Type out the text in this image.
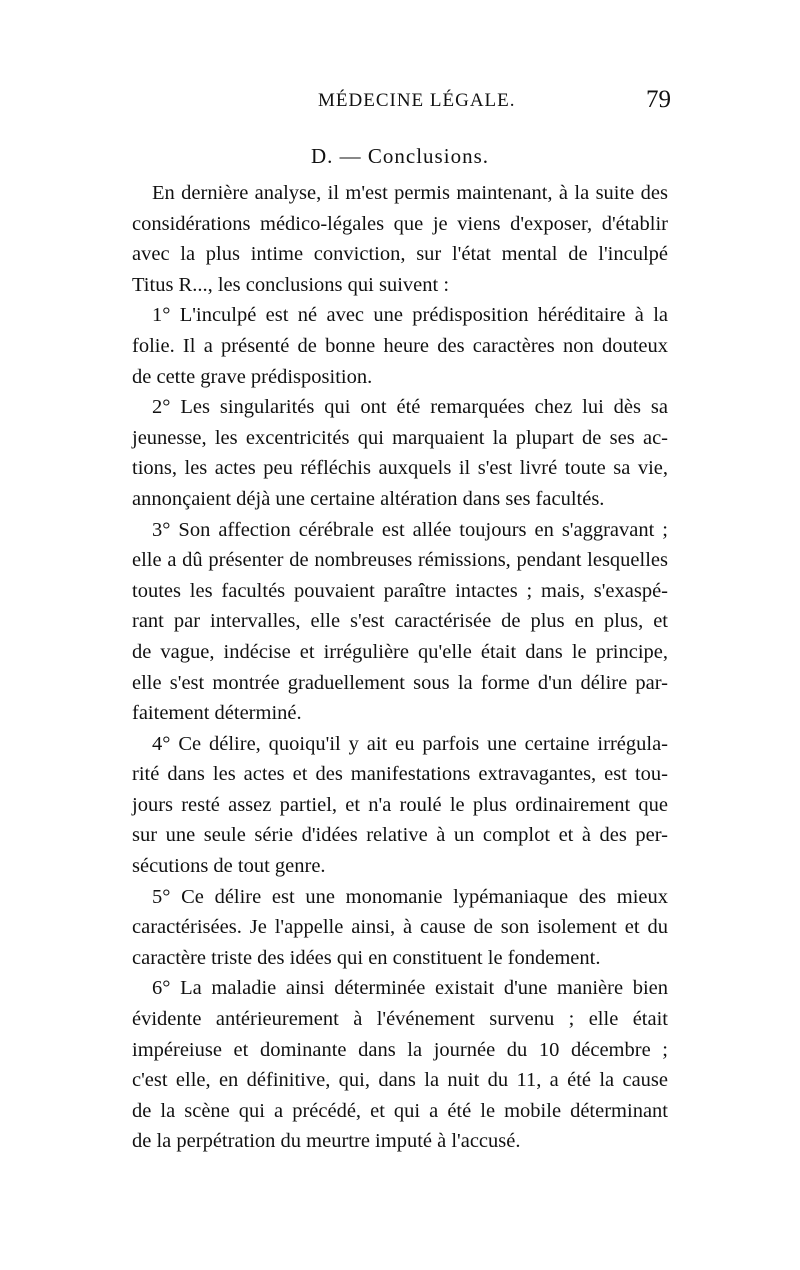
MÉDECINE LÉGALE.	79
D. — Conclusions.
En dernière analyse, il m'est permis maintenant, à la suite des
considérations médico-légales que je viens d'exposer, d'établir
avec la plus intime conviction, sur l'état mental de l'inculpé
Titus R..., les conclusions qui suivent :
1° L'inculpé est né avec une prédisposition héréditaire à la
folie. Il a présenté de bonne heure des caractères non douteux
de cette grave prédisposition.
2° Les singularités qui ont été remarquées chez lui dès sa
jeunesse, les excentricités qui marquaient la plupart de ses ac-
tions, les actes peu réfléchis auxquels il s'est livré toute sa vie,
annonçaient déjà une certaine altération dans ses facultés.
3° Son affection cérébrale est allée toujours en s'aggravant ;
elle a dû présenter de nombreuses rémissions, pendant lesquelles
toutes les facultés pouvaient paraître intactes ; mais, s'exaspé-
rant par intervalles, elle s'est caractérisée de plus en plus, et
de vague, indécise et irrégulière qu'elle était dans le principe,
elle s'est montrée graduellement sous la forme d'un délire par-
faitement déterminé.
4° Ce délire, quoiqu'il y ait eu parfois une certaine irrégula-
rité dans les actes et des manifestations extravagantes, est tou-
jours resté assez partiel, et n'a roulé le plus ordinairement que
sur une seule série d'idées relative à un complot et à des per-
sécutions de tout genre.
5° Ce délire est une monomanie lypémaniaque des mieux
caractérisées. Je l'appelle ainsi, à cause de son isolement et du
caractère triste des idées qui en constituent le fondement.
6° La maladie ainsi déterminée existait d'une manière bien
évidente antérieurement à l'événement survenu ; elle était
impéreiuse et dominante dans la journée du 10 décembre ;
c'est elle, en définitive, qui, dans la nuit du 11, a été la cause
de la scène qui a précédé, et qui a été le mobile déterminant
de la perpétration du meurtre imputé à l'accusé.
